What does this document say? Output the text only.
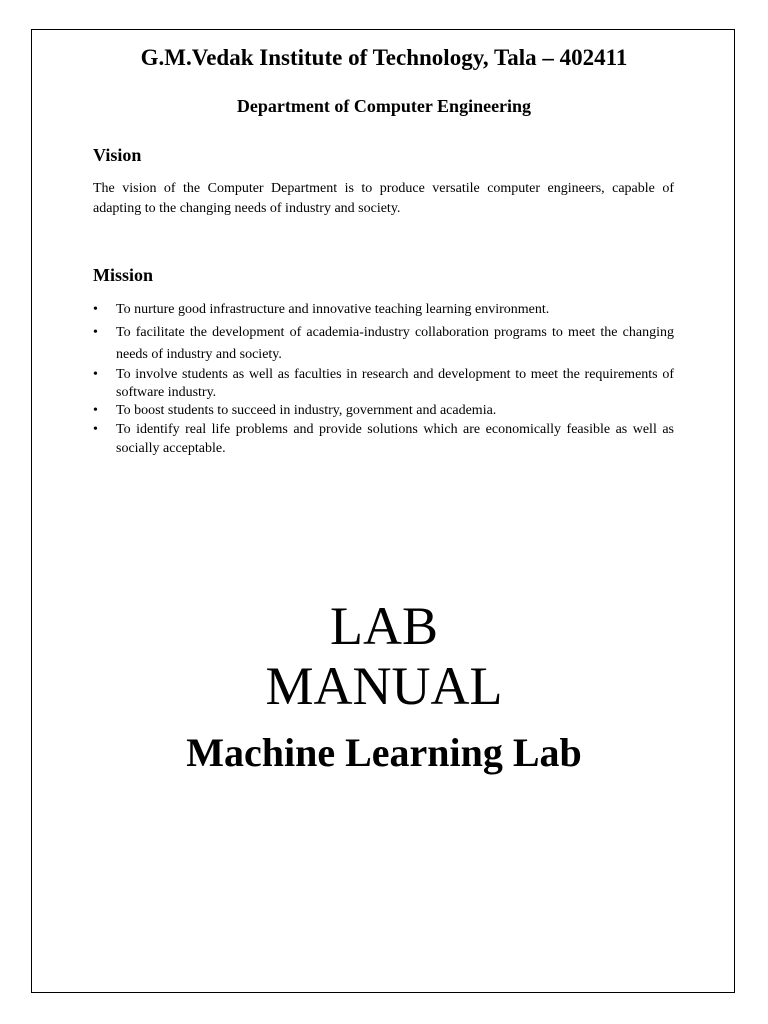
G.M.Vedak Institute of Technology, Tala – 402411
Department of Computer Engineering
Vision
The vision of the Computer Department is to produce versatile computer engineers, capable of adapting to the changing needs of industry and society.
Mission
• To nurture good infrastructure and innovative teaching learning environment.
• To facilitate the development of academia-industry collaboration programs to meet the changing needs of industry and society.
• To involve students as well as faculties in research and development to meet the requirements of software industry.
• To boost students to succeed in industry, government and academia.
• To identify real life problems and provide solutions which are economically feasible as well as socially acceptable.
LAB
MANUAL
Machine Learning Lab
